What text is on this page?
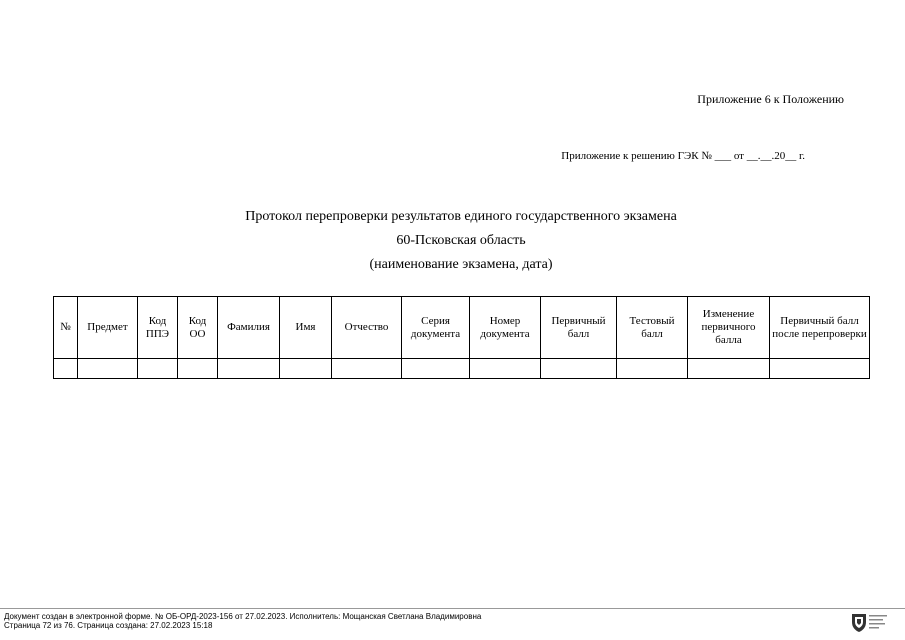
Приложение 6 к Положению
Приложение к решению ГЭК № ___ от __.__.20__ г.
Протокол перепроверки результатов единого государственного экзамена
60-Псковская область
(наименование экзамена, дата)
№	Предмет	Код ППЭ	Код ОО	Фамилия	Имя	Отчество	Серия документа	Номер документа	Первичный балл	Тестовый балл	Изменение первичного балла	Первичный балл после перепроверки

Документ создан в электронной форме. № ОБ-ОРД-2023-156 от 27.02.2023. Исполнитель: Мощанская Светлана Владимировна
Страница 72 из 76. Страница создана: 27.02.2023 15:18
